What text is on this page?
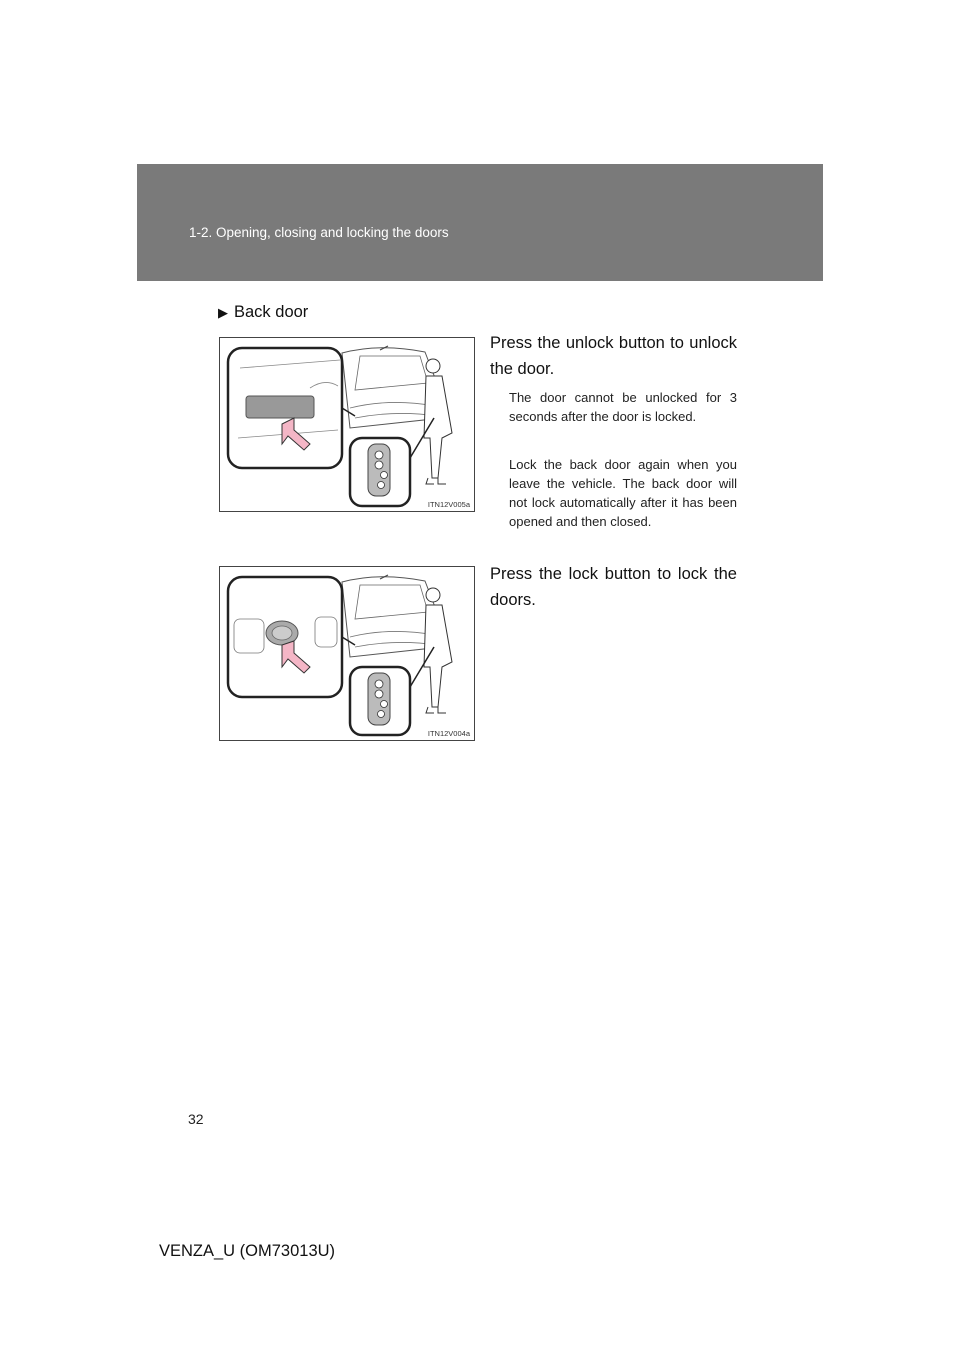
1-2. Opening, closing and locking the doors
▶ Back door
ITN12V005a
ITN12V004a
Press the unlock button to unlock the door.
The door cannot be unlocked for 3 seconds after the door is locked.
Lock the back door again when you leave the vehicle. The back door will not lock automatically after it has been opened and then closed.
Press the lock button to lock the doors.
32
VENZA_U (OM73013U)
